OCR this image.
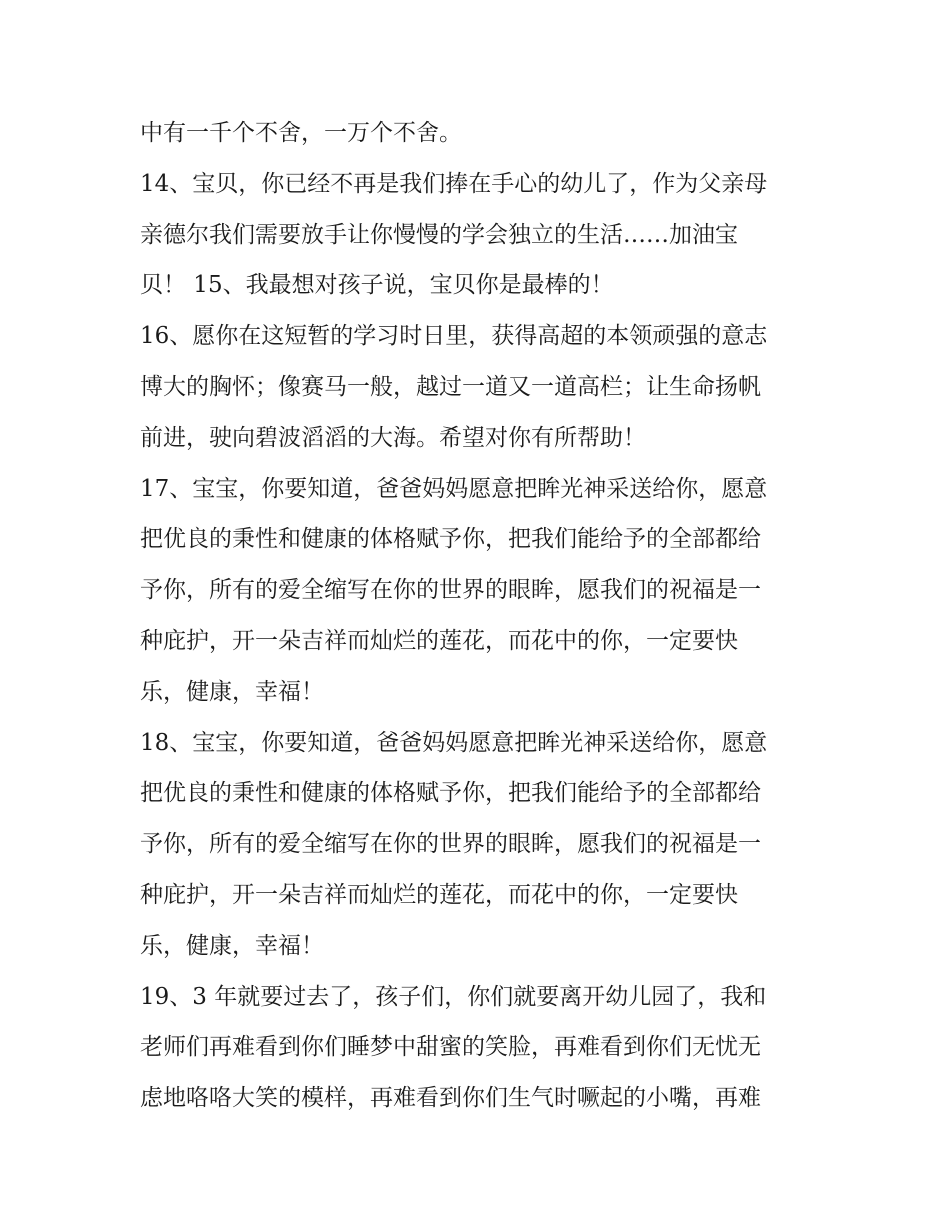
中有一千个不舍，一万个不舍。
14、宝贝，你已经不再是我们捧在手心的幼儿了，作为父亲母
亲德尔我们需要放手让你慢慢的学会独立的生活……加油宝
贝！ 15、我最想对孩子说，宝贝你是最棒的！
16、愿你在这短暂的学习时日里，获得高超的本领顽强的意志
博大的胸怀；像赛马一般，越过一道又一道高栏；让生命扬帆
前进，驶向碧波滔滔的大海。希望对你有所帮助！
17、宝宝，你要知道，爸爸妈妈愿意把眸光神采送给你，愿意
把优良的秉性和健康的体格赋予你，把我们能给予的全部都给
予你，所有的爱全缩写在你的世界的眼眸，愿我们的祝福是一
种庇护，开一朵吉祥而灿烂的莲花，而花中的你，一定要快
乐，健康，幸福！
18、宝宝，你要知道，爸爸妈妈愿意把眸光神采送给你，愿意
把优良的秉性和健康的体格赋予你，把我们能给予的全部都给
予你，所有的爱全缩写在你的世界的眼眸，愿我们的祝福是一
种庇护，开一朵吉祥而灿烂的莲花，而花中的你，一定要快
乐，健康，幸福！
19、3 年就要过去了，孩子们，你们就要离开幼儿园了，我和
老师们再难看到你们睡梦中甜蜜的笑脸，再难看到你们无忧无
虑地咯咯大笑的模样，再难看到你们生气时噘起的小嘴，再难
